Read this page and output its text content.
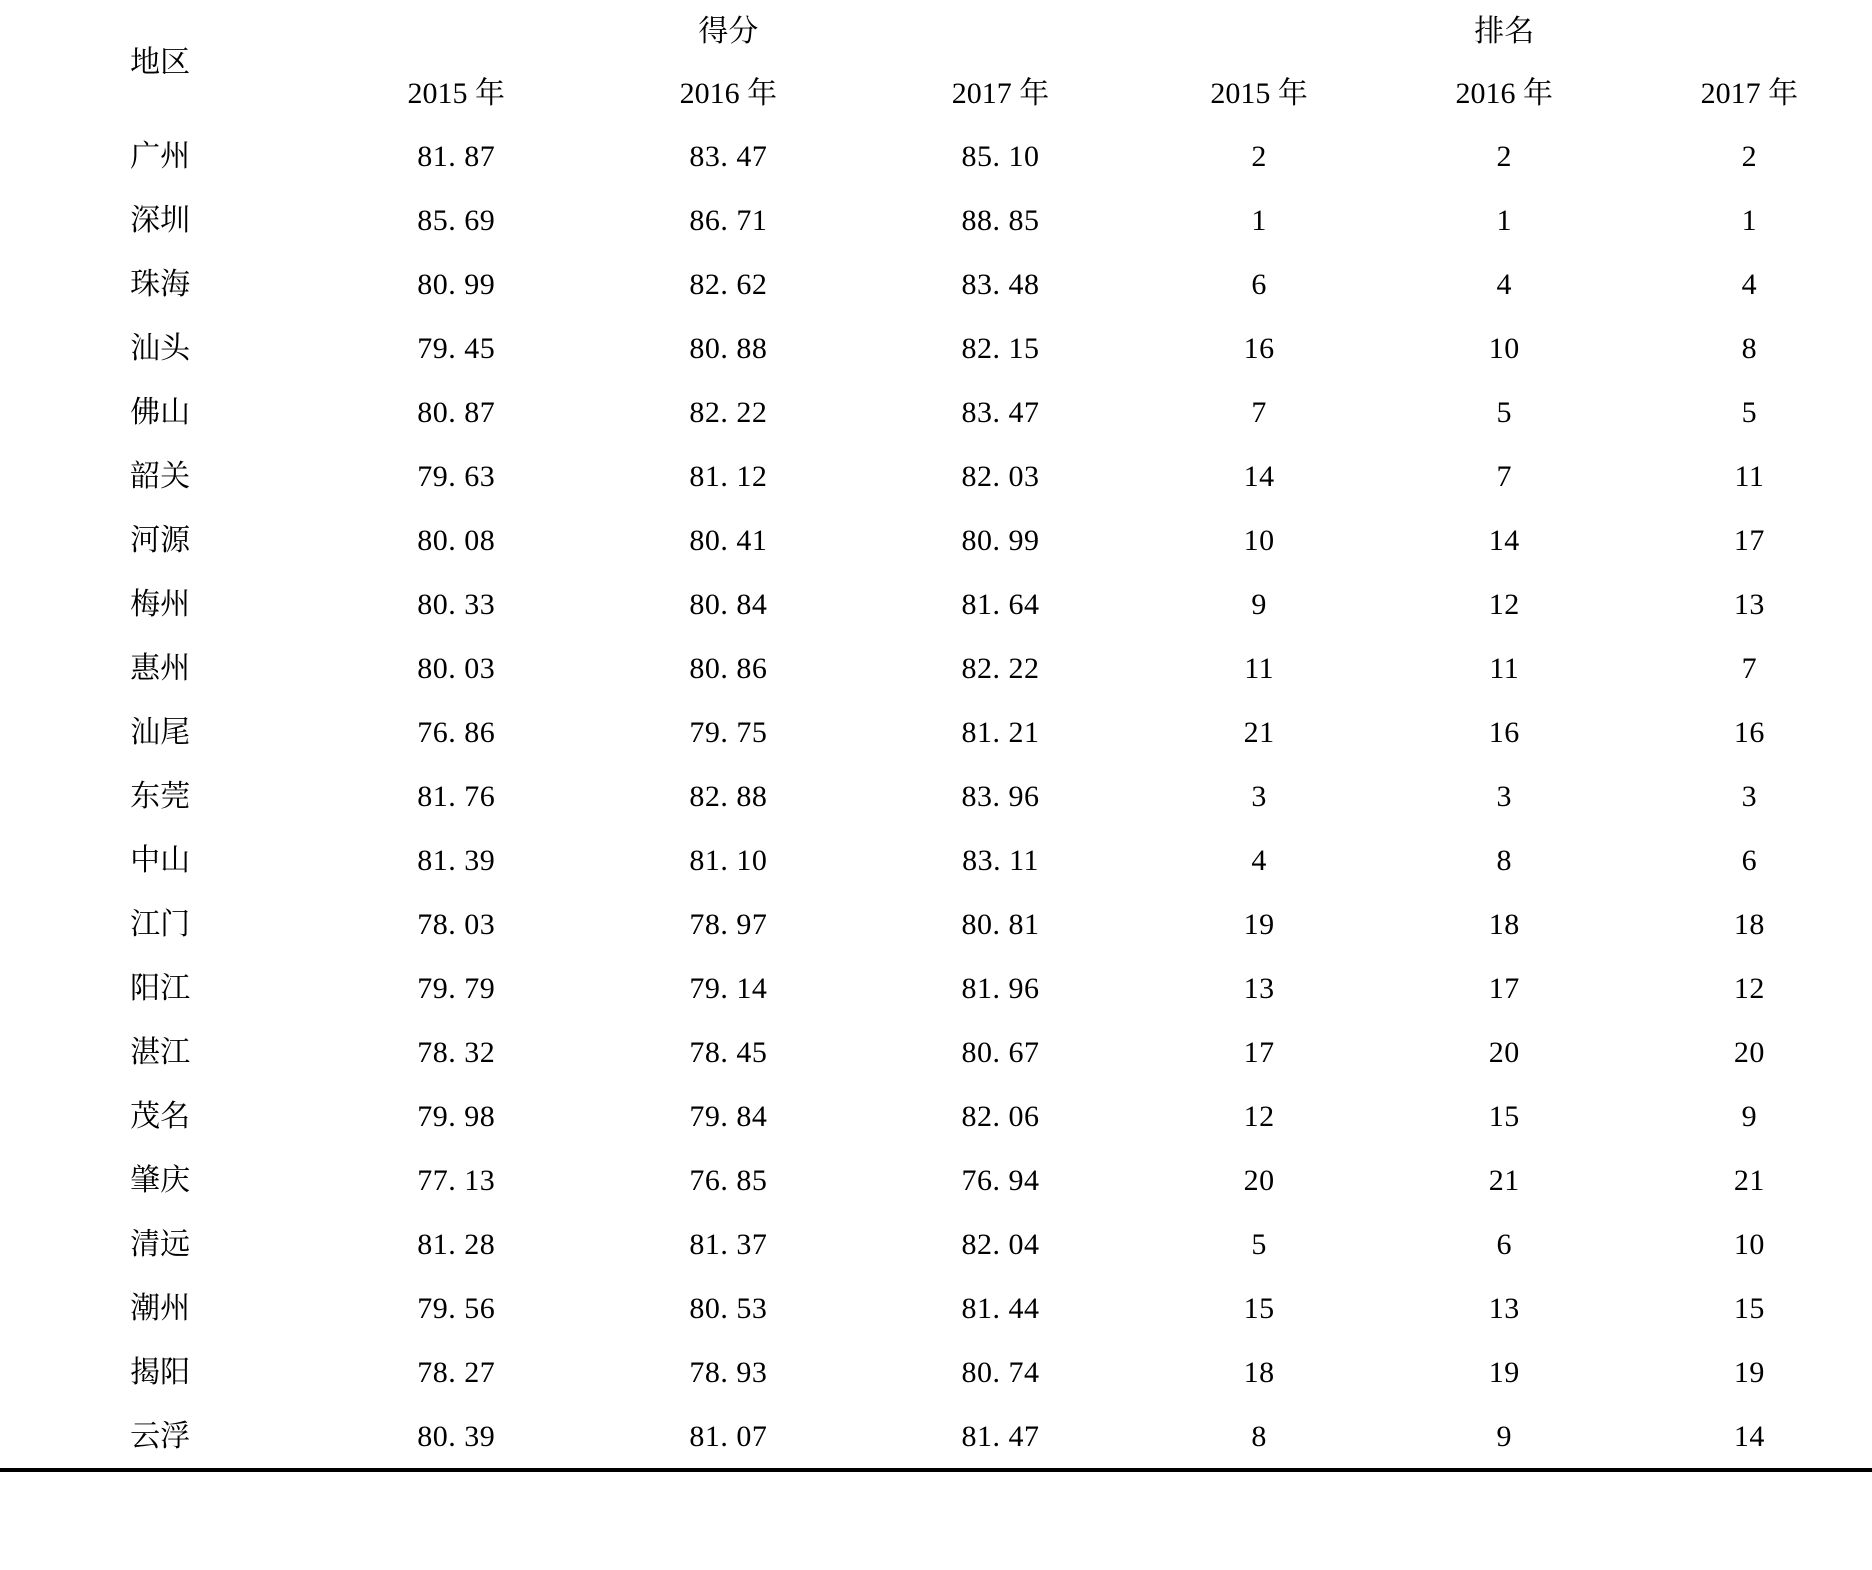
地区	得分			排名		
	2015 年	2016 年	2017 年	2015 年	2016 年	2017 年
广州	81. 87	83. 47	85. 10	2	2	2
深圳	85. 69	86. 71	88. 85	1	1	1
珠海	80. 99	82. 62	83. 48	6	4	4
汕头	79. 45	80. 88	82. 15	16	10	8
佛山	80. 87	82. 22	83. 47	7	5	5
韶关	79. 63	81. 12	82. 03	14	7	11
河源	80. 08	80. 41	80. 99	10	14	17
梅州	80. 33	80. 84	81. 64	9	12	13
惠州	80. 03	80. 86	82. 22	11	11	7
汕尾	76. 86	79. 75	81. 21	21	16	16
东莞	81. 76	82. 88	83. 96	3	3	3
中山	81. 39	81. 10	83. 11	4	8	6
江门	78. 03	78. 97	80. 81	19	18	18
阳江	79. 79	79. 14	81. 96	13	17	12
湛江	78. 32	78. 45	80. 67	17	20	20
茂名	79. 98	79. 84	82. 06	12	15	9
肇庆	77. 13	76. 85	76. 94	20	21	21
清远	81. 28	81. 37	82. 04	5	6	10
潮州	79. 56	80. 53	81. 44	15	13	15
揭阳	78. 27	78. 93	80. 74	18	19	19
云浮	80. 39	81. 07	81. 47	8	9	14
